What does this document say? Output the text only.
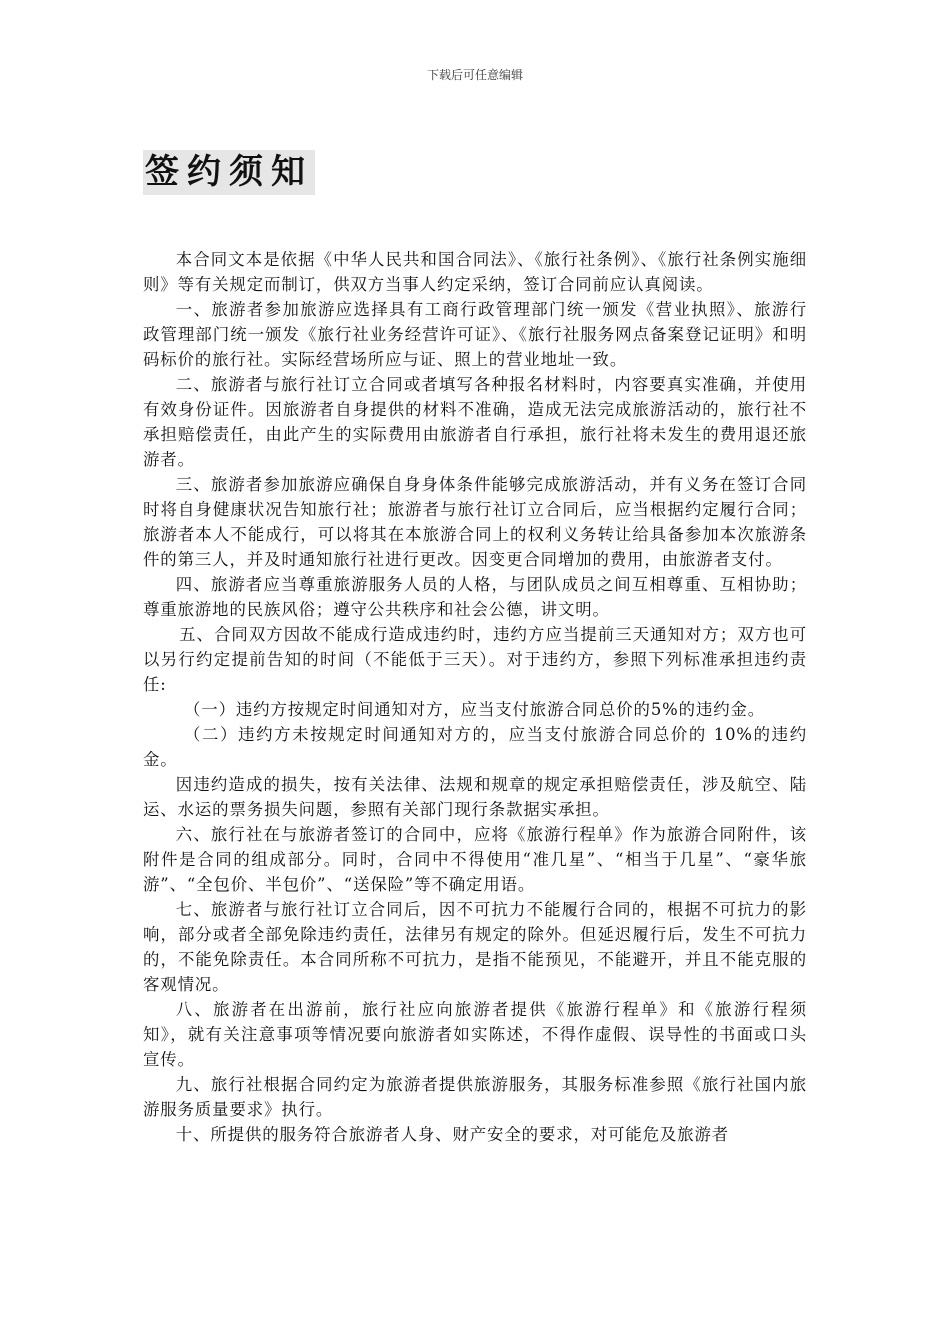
下载后可任意编辑
签约须知

本合同文本是依据《中华人民共和国合同法》、《旅行社条例》、《旅行社条例实施细则》等有关规定而制订，供双方当事人约定采纳，签订合同前应认真阅读。

一、旅游者参加旅游应选择具有工商行政管理部门统一颁发《营业执照》、旅游行政管理部门统一颁发《旅行社业务经营许可证》、《旅行社服务网点备案登记证明》和明码标价的旅行社。实际经营场所应与证、照上的营业地址一致。

二、旅游者与旅行社订立合同或者填写各种报名材料时，内容要真实准确，并使用有效身份证件。因旅游者自身提供的材料不准确，造成无法完成旅游活动的，旅行社不承担赔偿责任，由此产生的实际费用由旅游者自行承担，旅行社将未发生的费用退还旅游者。

三、旅游者参加旅游应确保自身身体条件能够完成旅游活动，并有义务在签订合同时将自身健康状况告知旅行社；旅游者与旅行社订立合同后，应当根据约定履行合同；旅游者本人不能成行，可以将其在本旅游合同上的权利义务转让给具备参加本次旅游条件的第三人，并及时通知旅行社进行更改。因变更合同增加的费用，由旅游者支付。

四、旅游者应当尊重旅游服务人员的人格，与团队成员之间互相尊重、互相协助；尊重旅游地的民族风俗；遵守公共秩序和社会公德，讲文明。

五、合同双方因故不能成行造成违约时，违约方应当提前三天通知对方；双方也可以另行约定提前告知的时间（不能低于三天）。对于违约方，参照下列标准承担违约责任:

（一）违约方按规定时间通知对方，应当支付旅游合同总价的5%的违约金。

（二）违约方未按规定时间通知对方的，应当支付旅游合同总价的 10%的违约金。

因违约造成的损失，按有关法律、法规和规章的规定承担赔偿责任，涉及航空、陆运、水运的票务损失问题，参照有关部门现行条款据实承担。

六、旅行社在与旅游者签订的合同中，应将《旅游行程单》作为旅游合同附件，该附件是合同的组成部分。同时，合同中不得使用“准几星”、“相当于几星”、“豪华旅游”、“全包价、半包价”、“送保险”等不确定用语。

七、旅游者与旅行社订立合同后，因不可抗力不能履行合同的，根据不可抗力的影响，部分或者全部免除违约责任，法律另有规定的除外。但延迟履行后，发生不可抗力的，不能免除责任。本合同所称不可抗力，是指不能预见，不能避开，并且不能克服的客观情况。

八、旅游者在出游前，旅行社应向旅游者提供《旅游行程单》和《旅游行程须知》，就有关注意事项等情况要向旅游者如实陈述，不得作虚假、误导性的书面或口头宣传。

九、旅行社根据合同约定为旅游者提供旅游服务，其服务标准参照《旅行社国内旅游服务质量要求》执行。

十、所提供的服务符合旅游者人身、财产安全的要求，对可能危及旅游者
